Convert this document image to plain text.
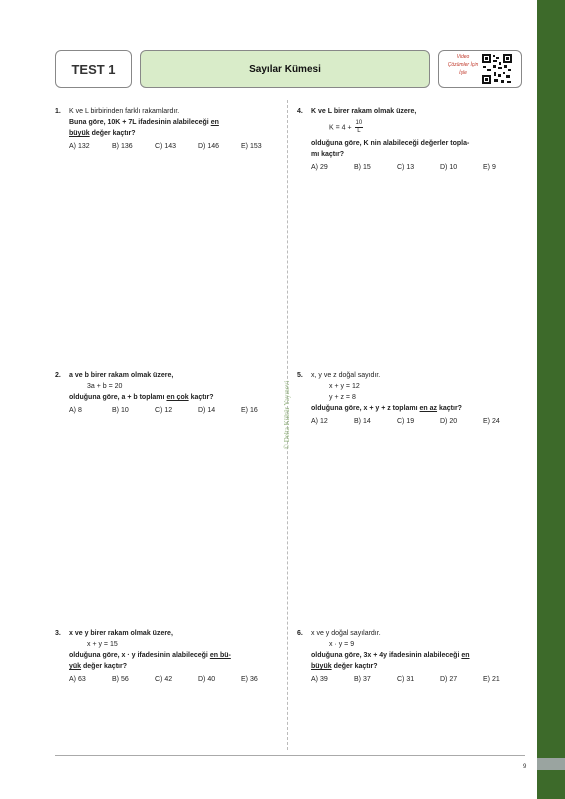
TEST 1	Sayılar Kümesi
Video Çözümler İçin İşle
© Delta Kültür Yayınevi
1. K ve L birbirinden farklı rakamlardır.
Buna göre, 10K + 7L ifadesinin alabileceği en
büyük değer kaçtır?
A) 132	B) 136	C) 143	D) 146	E) 153
4. K ve L birer rakam olmak üzere,
$K = 4 + \frac{10}{L}$
olduğuna göre, K nin alabileceği değerler topla-
mı kaçtır?
A) 29	B) 15	C) 13	D) 10	E) 9
2. a ve b birer rakam olmak üzere,
3a + b = 20
olduğuna göre, a + b toplamı en çok kaçtır?
A) 8	B) 10	C) 12	D) 14	E) 16
5. x, y ve z doğal sayıdır.
x + y = 12
y + z = 8
olduğuna göre, x + y + z toplamı en az kaçtır?
A) 12	B) 14	C) 19	D) 20	E) 24
3. x ve y birer rakam olmak üzere,
x + y = 15
olduğuna göre, x · y ifadesinin alabileceği en bü-
yük değer kaçtır?
A) 63	B) 56	C) 42	D) 40	E) 36
6. x ve y doğal sayılardır.
x · y = 9
olduğuna göre, 3x + 4y ifadesinin alabileceği en
büyük değer kaçtır?
A) 39	B) 37	C) 31	D) 27	E) 21
9
